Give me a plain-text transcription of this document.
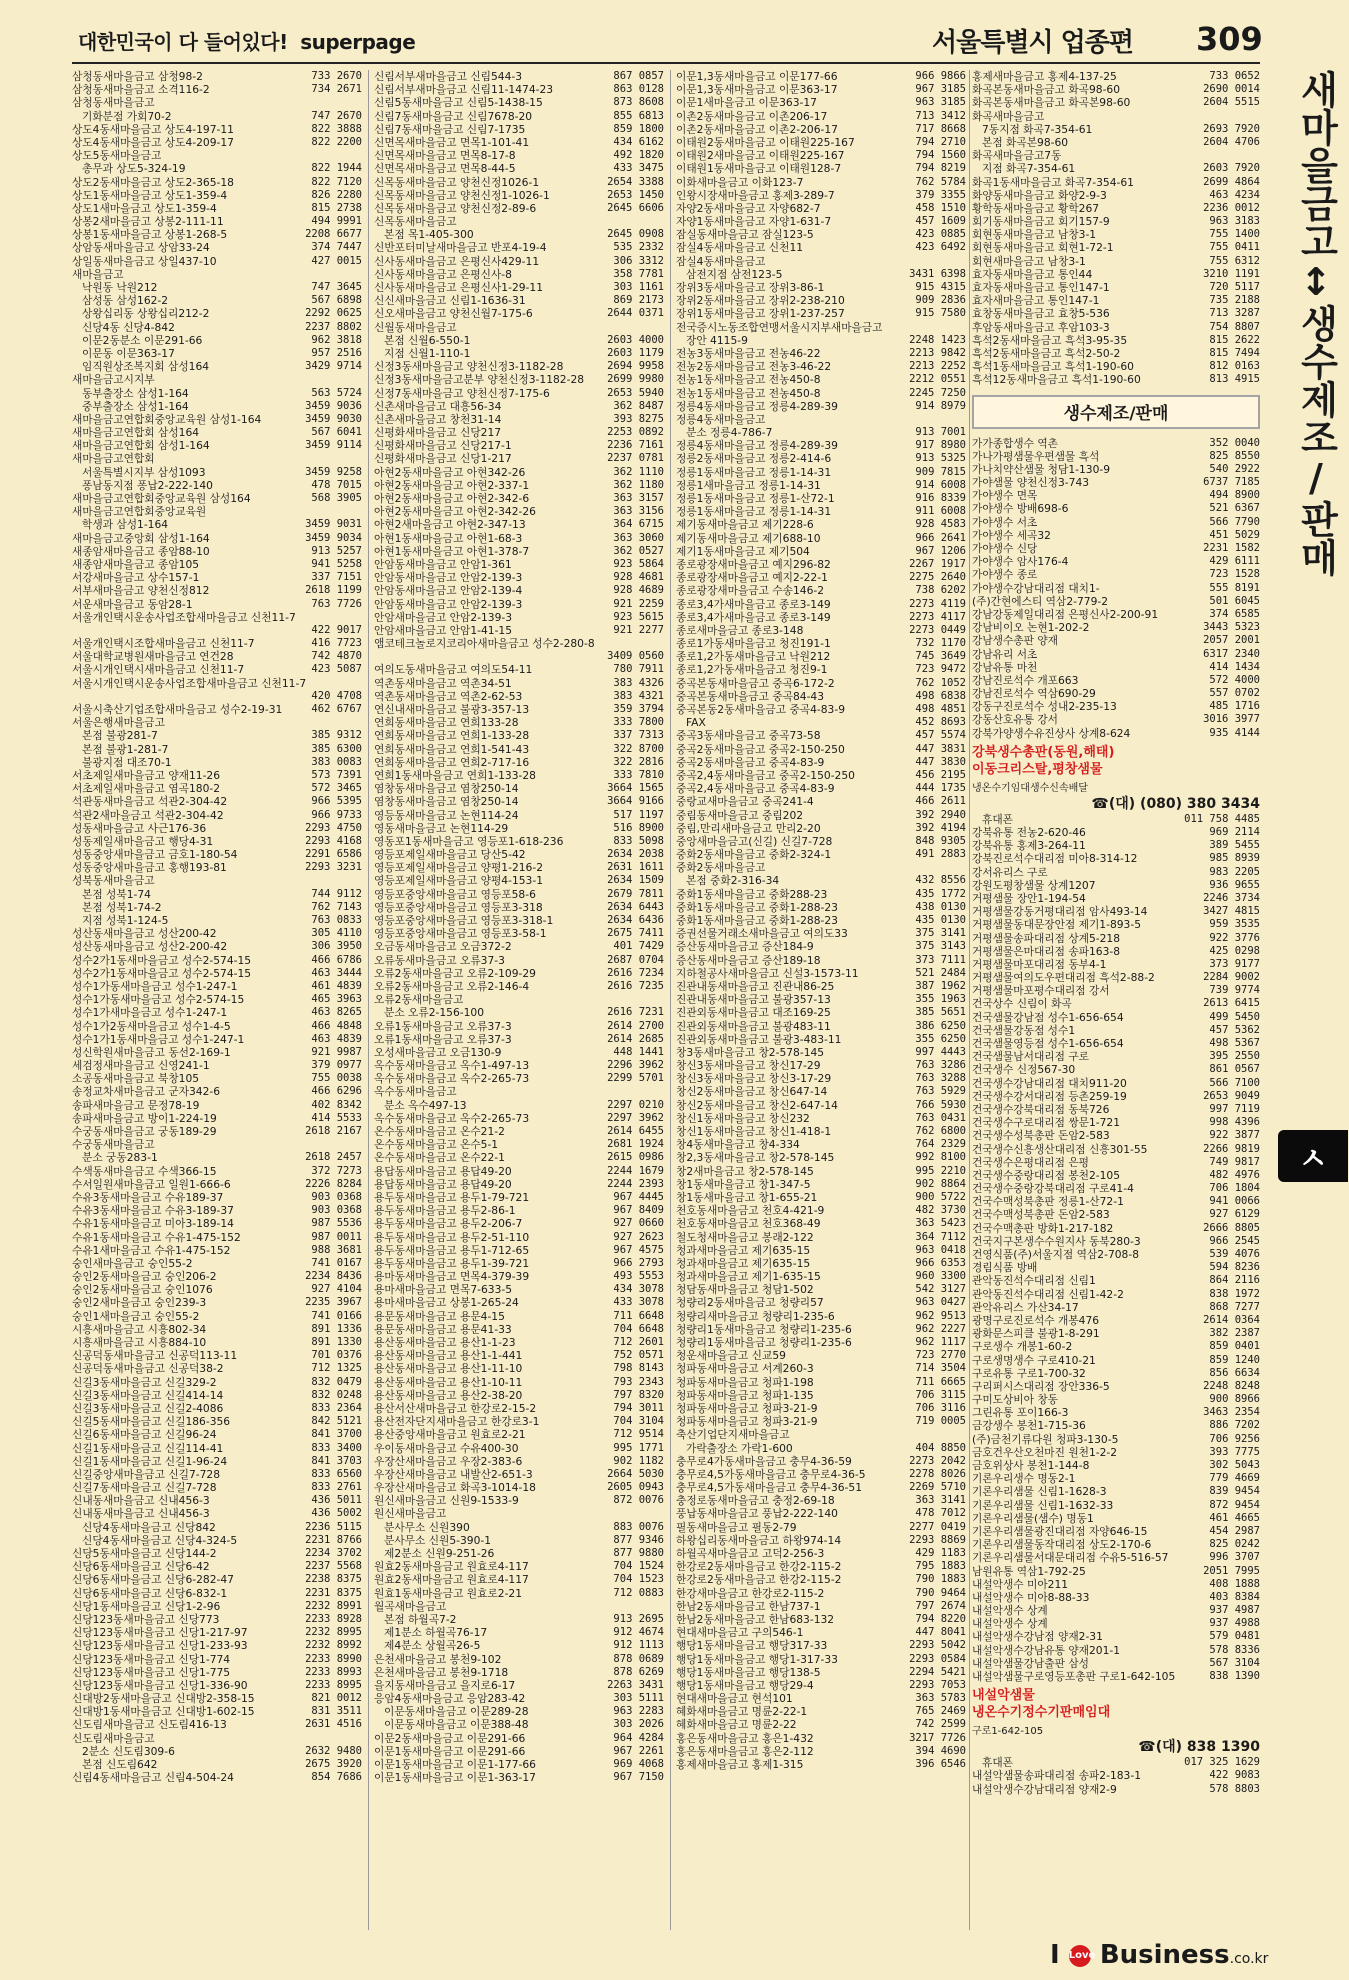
대한민국이 다 들어있다! superpage	서울특별시 업종편 309
새마을금고↕생수제조/판매
ㅅ
삼청동새마을금고 삼청98-2	733 2670
삼청동새마을금고 소격116-2	734 2671
삼청동새마을금고
기화분점 가회70-2	747 2670
상도4동새마을금고 상도4-197-11	822 3888
상도4동새마을금고 상도4-209-17	822 2200
상도5동새마을금고
총무과 상도5-324-19	822 1944
상도2동새마을금고 상도2-365-18	822 7120
상도1동새마을금고 상도1-359-4	826 2280
상도1새마을금고 상도1-359-4	815 2738
상봉2새마을금고 상봉2-111-11	494 9991
상봉1동새마을금고 상봉1-268-5	2208 6677
상암동새마을금고 상암33-24	374 7447
상일동새마을금고 상일437-10	427 0015
새마을금고
낙원동 낙원212	747 3645
삼성동 삼성162-2	567 6898
상왕십리동 상왕십리212-2	2292 0625
신당4동 신당4-842	2237 8802
이문2동분소 이문291-66	962 3818
이문동 이문363-17	957 2516
임직원상조복지회 삼성164	3429 9714
새마을금고시지부
동부출장소 삼성1-164	563 5724
중부출장소 삼성1-164	3459 9036
새마을금고연합회중앙교육원 삼성1-164	3459 9030
새마을금고연합회 삼성164	567 6041
새마을금고연합회 삼성1-164	3459 9114
새마을금고연합회
서울특별시지부 삼성1093	3459 9258
퐁남동지점 퐁납2-222-140	478 7015
새마을금고연합회중앙교육원 삼성164	568 3905
새마을금고연합회중앙교육원
학생과 삼성1-164	3459 9031
새마을금고중앙회 삼성1-164	3459 9034
새종암새마을금고 종암88-10	913 5257
새종암새마을금고 종암105	941 5258
서강새마을금고 상수157-1	337 7151
서부새마을금고 양천신정812	2618 1199
서운새마을금고 동암28-1	763 7726
서울개인택시운송사업조합새마을금고 신천11-7
422 9017
서울개인택시조합새마을금고 신천11-7	416 7723
서울대학교병원새마을금고 연건28	742 4870
서울시개인택시새마을금고 신천11-7	423 5087
서울시개인택시운송사업조합새마을금고 신천11-7
420 4708
서울시축산기업조합새마을금고 성수2-19-31	462 6767
서울은행새마을금고
본점 불광281-7	385 9312
본점 불광1-281-7	385 6300
불광지점 대조70-1	383 0083
서초제일새마을금고 양재11-26	573 7391
서초제일새마을금고 염곡180-2	572 3465
석관동새마을금고 석관2-304-42	966 5395
석관2새마을금고 석관2-304-42	966 9733
성동새마을금고 사근176-36	2293 4750
성동제일새마을금고 행당4-31	2293 4168
성동중앙새마을금고 금호1-180-54	2291 6586
성동중앙새마을금고 홍행193-81	2293 3231
성북동새마을금고
본점 성북1-74	744 9112
본점 성북1-74-2	762 7143
지점 성북1-124-5	763 0833
성산동새마을금고 성산200-42	305 4110
성산동새마을금고 성산2-200-42	306 3950
성수2가1동새마을금고 성수2-574-15	466 6786
성수2가1동새마을금고 성수2-574-15	463 3444
성수1가동새마을금고 성수1-247-1	461 4839
성수1가동새마을금고 성수2-574-15	465 3963
성수1가새마을금고 성수1-247-1	463 8265
성수1가2동새마을금고 성수1-4-5	466 4848
성수1가1동새마을금고 성수1-247-1	463 4839
성신학원새마을금고 동선2-169-1	921 9987
세검정새마을금고 신영241-1	379 0977
소공동새마을금고 북창105	755 0038
송정교차새마을금고 군자342-6	466 6296
송파새마을금고 문정78-19	402 8342
송파새마을금고 방이1-224-19	414 5533
수궁동새마을금고 궁동189-29	2618 2167
수궁동새마을금고
분소 궁동283-1	2618 2457
수색동새마을금고 수색366-15	372 7273
수서일원새마을금고 일원1-666-6	2226 8284
수유3동새마을금고 수유189-37	903 0368
수유3동새마을금고 수유3-189-37	903 0368
수유1동새마을금고 미아3-189-14	987 5536
수유1동새마을금고 수유1-475-152	987 0011
수유1새마을금고 수유1-475-152	988 3681
숭인새마을금고 숭인55-2	741 0167
숭인2동새마을금고 숭인206-2	2234 8436
숭인2동새마을금고 숭인1076	927 4104
숭인2새마을금고 숭인239-3	2235 3967
숭인1새마을금고 숭인55-2	741 0166
시흥새마을금고 시흥802-34	891 1336
시흥새마을금고 시흥884-10	891 1330
신공덕동새마을금고 신공덕113-11	701 0376
신공덕동새마을금고 신공덕38-2	712 1325
신길3동새마을금고 신길329-2	832 0479
신길3동새마을금고 신길414-14	832 0248
신길3동새마을금고 신길2-4086	833 2364
신길5동새마을금고 신길186-356	842 5121
신길6동새마을금고 신길96-24	841 3700
신길1동새마을금고 신길114-41	833 3400
신길1동새마을금고 신길1-96-24	841 3703
신길중앙새마을금고 신길7-728	833 6560
신길7동새마을금고 신길7-728	833 2761
신내동새마을금고 신내456-3	436 5011
신내동새마을금고 신내456-3	436 5002
신당4동새마을금고 신당842	2236 5115
신당4동새마을금고 신당4-324-5	2231 8766
신당5동새마을금고 신당144-2	2234 3702
신당6동새마을금고 신당6-42	2237 5568
신당6동새마을금고 신당6-282-47	2238 8375
신당6동새마을금고 신당6-832-1	2231 8375
신당1동새마을금고 신당1-2-96	2232 8991
신당123동새마을금고 신당773	2233 8928
신당123동새마을금고 신당1-217-97	2232 8995
신당123동새마을금고 신당1-233-93	2232 8992
신당123동새마을금고 신당1-774	2233 8990
신당123동새마을금고 신당1-775	2233 8993
신당123동새마을금고 신당1-336-90	2233 8995
신대방2동새마을금고 신대방2-358-15	821 0012
신대방1동새마을금고 신대방1-602-15	831 3511
신도림새마을금고 신도림416-13	2631 4516
신도림새마을금고
2분소 신도림309-6	2632 9480
본점 신도림642	2675 3920
신림4동새마을금고 신림4-504-24	854 7686
신림서부새마을금고 신림544-3	867 0857
신림서부새마을금고 신림11-1474-23	863 0128
신림5동새마을금고 신림5-1438-15	873 8608
신림7동새마을금고 신림7678-20	855 6813
신림7동새마을금고 신림7-1735	859 1800
신면목새마을금고 면목1-101-41	434 6162
신면목새마을금고 면목8-17-8	492 1820
신면목새마을금고 면목8-44-5	433 3475
신목동새마을금고 양천신정1026-1	2654 3388
신목동새마을금고 양천신정1-1026-1	2653 1450
신목동새마을금고 양천신정2-89-6	2645 6606
신목동새마을금고
본점 목1-405-300	2645 0908
신반포터미날새마을금고 반포4-19-4	535 2332
신사동새마을금고 은평신사429-11	306 3312
신사동새마을금고 은평신사-8	358 7781
신사동새마을금고 은평신사1-29-11	303 1161
신신새마을금고 신림1-1636-31	869 2173
신오새마을금고 양천신월7-175-6	2644 0371
신월동새마을금고
본점 신월6-550-1	2603 4000
지점 신월1-110-1	2603 1179
신정3동새마을금고 양천신정3-1182-28	2694 9958
신정3동새마을금고분부 양천신정3-1182-28	2699 9980
신정7동새마을금고 양천신정7-175-6	2653 5940
신촌새마을금고 대흥56-34	362 8487
신촌새마을금고 창천31-14	393 8275
신평화새마을금고 신당217	2253 0892
신평화새마을금고 신당217-1	2236 7161
신평화새마을금고 신당1-217	2237 0781
아현2동새마을금고 아현342-26	362 1110
아현2동새마을금고 아현2-337-1	362 1180
아현2동새마을금고 아현2-342-6	363 3157
아현2동새마을금고 아현2-342-26	363 3156
아현2새마을금고 아현2-347-13	364 6715
아현1동새마을금고 아현1-68-3	363 3060
아현1동새마을금고 아현1-378-7	362 0527
안암동새마을금고 안암1-361	923 5864
안암동새마을금고 안암2-139-3	928 4681
안암동새마을금고 안암2-139-4	928 4689
안암동새마을금고 안암2-139-3	921 2259
안암새마을금고 안암2-139-3	923 5615
안암새마을금고 안암1-41-15	921 2277
앰코테크놀로지코리아새마을금고 성수2-280-8
3409 0560
여의도동새마을금고 여의도54-11	780 7911
역촌동새마을금고 역촌34-51	383 4326
역촌동새마을금고 역촌2-62-53	383 4321
연신내새마을금고 불광3-357-13	359 3794
연희동새마을금고 연희133-28	333 7800
연희동새마을금고 연희1-133-28	337 7313
연희동새마을금고 연희1-541-43	322 8700
연희동새마을금고 연희2-717-16	322 2816
연희1동새마을금고 연희1-133-28	333 7810
염창동새마을금고 염창250-14	3664 1565
염창동새마을금고 염창250-14	3664 9166
영등동새마을금고 논현114-24	517 1197
영동새마을금고 논현114-29	516 8900
영동포1동새마을금고 영등포1-618-236	833 5098
영등포제일새마을금고 당산5-42	2634 2038
영등포제일새마을금고 양평1-216-2	2631 1611
영등포제일새마을금고 양평4-153-1	2634 1509
영등포중앙새마을금고 영등포58-6	2679 7811
영등포중앙새마을금고 영등포3-318	2634 6443
영등포중앙새마을금고 영등포3-318-1	2634 6436
영등포중앙새마을금고 영등포3-58-1	2675 7411
오금동새마을금고 오금372-2	401 7429
오류동새마을금고 오류37-3	2687 0704
오류2동새마을금고 오류2-109-29	2616 7234
오류2동새마을금고 오류2-146-4	2616 7235
오류2동새마을금고
분소 오류2-156-100	2616 7231
오류1동새마을금고 오류37-3	2614 2700
오류1동새마을금고 오류37-3	2614 2685
오성새마을금고 오금130-9	448 1441
옥수동새마을금고 옥수1-497-13	2296 3962
옥수동새마을금고 옥수2-265-73	2299 5701
옥수동새마을금고
분소 옥수497-13	2297 0210
옥수동새마을금고 옥수2-265-73	2297 3962
온수동새마을금고 온수21-2	2614 6455
온수동새마을금고 온수5-1	2681 1924
온수동새마을금고 온수22-1	2615 0986
용답동새마을금고 용답49-20	2244 1679
용답동새마을금고 용답49-20	2244 2393
용두동새마을금고 용두1-79-721	967 4445
용두동새마을금고 용두2-86-1	967 8409
용두동새마을금고 용두2-206-7	927 0660
용두동새마을금고 용두2-51-110	927 2623
용두동새마을금고 용두1-712-65	967 4575
용두동새마을금고 용두1-39-721	966 2793
용마동새마을금고 면목4-379-39	493 5553
용마새마을금고 면목7-633-5	434 3078
용마새마을금고 상봉1-265-24	433 3078
용문동새마을금고 용문4-15	711 6648
용문동새마을금고 용문41-33	704 6648
용산동새마을금고 용산1-1-23	712 2601
용산동새마을금고 용산1-1-441	752 0571
용산동새마을금고 용산1-11-10	798 8143
용산동새마을금고 용산1-10-11	793 2343
용산동새마을금고 용산2-38-20	797 8320
용산서산새마을금고 한강로2-15-2	794 3011
용산전자단지새마을금고 한강로3-1	704 3104
용산중앙새마을금고 원효로2-21	712 9514
우이동새마을금고 수유400-30	995 1771
우장산새마을금고 우장2-383-6	902 1182
우장산새마을금고 내발산2-651-3	2664 5030
우장산새마을금고 화곡3-1014-18	2605 0943
원신새마을금고 신원9-1533-9	872 0076
원신새마을금고
분사무소 신원390	883 0076
분사무소 신원5-390-1	877 9346
제2분소 신원9-251-26	877 9880
원효2동새마을금고 원효로4-117	704 1524
원효2동새마을금고 원효로4-117	704 1523
원효1동새마을금고 원효로2-21	712 0883
월곡새마을금고
본점 하월곡7-2	913 2695
제1분소 하월곡76-17	912 4674
제4분소 상월곡26-5	912 1113
은천새마을금고 봉천9-102	878 0689
은천새마을금고 봉천9-1718	878 6269
을지동새마을금고 을지로6-17	2263 3431
응암4동새마을금고 응암283-42	303 5111
이문동새마을금고 이문289-28	963 2283
이문동새마을금고 이문388-48	303 2026
이문2동새마을금고 이문291-66	964 4284
이문1동새마을금고 이문291-66	967 2261
이문1동새마을금고 이문1-177-66	969 4068
이문1동새마을금고 이문1-363-17	967 7150
이문1,3동새마을금고 이문177-66	966 9866
이문1,3동새마을금고 이문363-17	967 3185
이문1새마을금고 이문363-17	963 3185
이촌2동새마을금고 이촌206-17	713 3412
이촌2동새마을금고 이촌2-206-17	717 8668
이태원2동새마을금고 이태원225-167	794 2710
이태원2새마을금고 이태원225-167	794 1560
이태원1동새마을금고 이태원128-7	794 8219
이화새마을금고 이화123-7	762 5784
인왕시장새마을금고 홍제3-289-7	379 3355
자양2동새마을금고 자양682-7	458 1510
자양1동새마을금고 자양1-631-7	457 1609
잠실동새마을금고 잠실123-5	423 0885
잠실4동새마을금고 신천11	423 6492
잠실4동새마을금고
삼전지점 삼전123-5	3431 6398
장위3동새마을금고 장위3-86-1	915 4315
장위2동새마을금고 장위2-238-210	909 2836
장위1동새마을금고 장위1-237-257	915 7580
전국증시노동조합연맹서울시지부새마을금고
장안 4115-9	2248 1423
전농3동새마을금고 전농46-22	2213 9842
전농2동새마을금고 전농3-46-22	2213 2252
전농1동새마을금고 전농450-8	2212 0551
전농1동새마을금고 전농450-8	2245 7250
정릉4동새마을금고 정릉4-289-39	914 8979
정릉4동새마을금고
분소 정릉4-786-7	913 7001
정릉4동새마을금고 정릉4-289-39	917 8980
정릉2동새마을금고 정릉2-414-6	913 5325
정릉1동새마을금고 정릉1-14-31	909 7815
정릉1새마을금고 정릉1-14-31	914 6008
정릉1동새마을금고 정릉1-산72-1	916 8339
정릉1동새마을금고 정릉1-14-31	911 6008
제기동새마을금고 제기228-6	928 4583
제기동새마을금고 제기688-10	966 2641
제기1동새마을금고 제기504	967 1206
종로광장새마을금고 예지296-82	2267 1917
종로광장새마을금고 예지2-22-1	2275 2640
종로광장새마을금고 수송146-2	738 6202
종로3,4가새마을금고 종로3-149	2273 4119
종로3,4가새마을금고 종로3-149	2273 4117
종로새마을금고 종로3-148	2273 0449
종로1가동새마을금고 청진191-1	732 1170
종로1,2가동새마을금고 낙원212	745 3649
종로1,2가동새마을금고 청진9-1	723 9472
중곡본동새마을금고 중곡6-172-2	762 1052
중곡본동새마을금고 중곡84-43	498 6838
중곡본동2동새마을금고 중곡4-83-9	498 4851
FAX	452 8693
중곡3동새마을금고 중곡73-58	457 5574
중곡2동새마을금고 중곡2-150-250	447 3831
중곡2동새마을금고 중곡4-83-9	447 3830
중곡2,4동새마을금고 중곡2-150-250	456 2195
중곡2,4동새마을금고 중곡4-83-9	444 1735
중랑교새마을금고 중곡241-4	466 2611
중림동새마을금고 중림202	392 2940
중림,만리새마을금고 만리2-20	392 4194
중앙새마을금고(신길) 신길7-728	848 9305
중화2동새마을금고 중화2-324-1	491 2883
중화2동새마을금고
본점 중화2-316-34	432 8556
중화1동새마을금고 중화288-23	435 1772
중화1동새마을금고 중화1-288-23	438 0130
중화1동새마을금고 중화1-288-23	435 0130
증권선물거래소새마을금고 여의도33	375 3141
증산동새마을금고 증산184-9	375 3143
증산동새마을금고 증산189-18	373 7111
지하철공사새마을금고 신설3-1573-11	521 2484
진관내동새마을금고 진관내86-25	387 1962
진관내동새마을금고 불광357-13	355 1963
진관외동새마을금고 대조169-25	385 5651
진관외동새마을금고 불광483-11	386 6250
진관외동새마을금고 불광3-483-11	355 6250
창3동새마을금고 창2-578-145	997 4443
창신3동새마을금고 창신17-29	763 3286
창신3동새마을금고 창신3-17-29	763 3288
창신2동새마을금고 창신647-14	763 5929
창신2동새마을금고 창신2-647-14	766 5930
창신1동새마을금고 창신232	763 0431
창신1동새마을금고 창신1-418-1	762 6800
창4동새마을금고 창4-334	764 2329
창2,3동새마을금고 창2-578-145	992 8100
창2새마을금고 창2-578-145	995 2210
창1동새마을금고 창1-347-5	902 8864
창1동새마을금고 창1-655-21	900 5722
천호동새마을금고 천호4-421-9	482 3730
천호동새마을금고 천호368-49	363 5423
철도청새마을금고 봉래2-122	364 7112
청과새마을금고 제기635-15	963 0418
청과새마을금고 제기635-15	966 6353
청과새마을금고 제기1-635-15	960 3300
청담동새마을금고 청담1-502	542 3127
청량리2동새마을금고 청량리57	963 0427
청량리새마을금고 청량리1-235-6	962 9513
청량리1동새마을금고 청량리1-235-6	962 2227
청량리1동새마을금고 청량리1-235-6	962 1117
청운새마을금고 신교59	723 2770
청파동새마을금고 서계260-3	714 3504
청파동새마을금고 청파1-198	711 6665
청파동새마을금고 청파1-135	706 3115
청파동새마을금고 청파3-21-9	706 3116
청파동새마을금고 청파3-21-9	719 0005
축산기업단지새마을금고
가락출장소 가락1-600	404 8850
충무로4가동새마을금고 충무4-36-59	2273 2042
충무로4,5가동새마을금고 충무로4-36-5	2278 8026
충무로4,5가동새마을금고 충무4-36-51	2269 5710
충정로동새마을금고 충정2-69-18	363 3141
풍납동새마을금고 풍납2-222-140	478 7012
필동새마을금고 필동2-79	2277 0419
하왕십리동새마을금고 하왕974-14	2293 8869
하월곡새마을금고 고덕2-256-3	429 1183
한강로2동새마을금고 한강2-115-2	795 1883
한강로2동새마을금고 한강2-115-2	790 1883
한강새마을금고 한강로2-115-2	790 9464
한남2동새마을금고 한남737-1	797 2674
한남2동새마을금고 한남683-132	794 8220
현대새마을금고 구의546-1	447 8041
행당1동새마을금고 행당317-33	2293 5042
행당1동새마을금고 행당1-317-33	2293 0584
행당1동새마을금고 행당138-5	2294 5421
행당1동새마을금고 행당29-4	2293 7053
현대새마을금고 현석101	363 5783
혜화새마을금고 명륜2-22-1	765 2469
혜화새마을금고 명륜2-22	742 2599
홍은동새마을금고 홍은1-432	3217 7726
홍은동새마을금고 홍은2-112	394 4690
홍제새마을금고 홍제1-315	396 6546
홍제새마을금고 홍제4-137-25	733 0652
화곡본동새마을금고 화곡98-60	2690 0014
화곡본동새마을금고 화곡본98-60	2604 5515
화곡새마을금고
7동지점 화곡7-354-61	2693 7920
본점 화곡본98-60	2604 4706
화곡새마을금고7동
지점 화곡7-354-61	2603 7920
화곡1동새마을금고 화곡7-354-61	2699 4864
화양동새마을금고 화양2-9-3	463 4234
황학동새마을금고 황학267	2236 0012
회기동새마을금고 회기157-9	963 3183
회현동새마을금고 남창3-1	755 1400
회현동새마을금고 회현1-72-1	755 0411
회현새마을금고 남창3-1	755 6312
효자동새마을금고 통인44	3210 1191
효자동새마을금고 통인147-1	720 5117
효자새마을금고 통인147-1	735 2188
효창동새마을금고 효창5-536	713 3287
후암동새마을금고 후암103-3	754 8807
흑석2동새마을금고 흑석3-95-35	815 2622
흑석2동새마을금고 흑석2-50-2	815 7494
흑석1동새마을금고 흑석1-190-60	812 0163
흑석12동새마을금고 흑석1-190-60	813 4915
생수제조/판매
가가종합생수 역촌	352 0040
가나가평샘물우편샘물 흑석	825 8550
가나치약산샘물 청담1-130-9	540 2922
가야샘물 양천신정3-743	6737 7185
가야생수 면목	494 8900
가야생수 방배698-6	521 6367
가야생수 서초	566 7790
가야생수 세곡32	451 5029
가야생수 신당	2231 1582
가야생수 암사176-4	429 6111
가야생수 종로	723 1528
가야생수강남대리점 대치1-	555 8191
(주)간현에스티 역삼2-779-2	501 6045
강남강동제일대리점 은평신사2-200-91	374 6585
강남비이오 논현1-202-2	3443 5323
강남생수총판 양재	2057 2001
강남유리 서초	6317 2340
강남유통 마천	414 1434
강남진로석수 개포663	572 4000
강남진로석수 역삼690-29	557 0702
강동구진로석수 성내2-235-13	485 1716
강동산호유통 강서	3016 3977
강북가양생수유진상사 상계8-624	935 4144
강북생수총판(동원,해태)
이동크리스탈,평창샘물
냉온수기임대생수신속배달
☎(대) (080) 380 3434
휴대폰	011 758 4485
강북유통 전농2-620-46	969 2114
강북유통 홍제3-264-11	389 5455
강북진로석수대리점 미아8-314-12	985 8939
강서유리스 구로	983 2205
강원도평창샘물 상계1207	936 9655
거평샘물 장안1-194-54	2246 3734
거평샘물강동거평대리점 암사493-14	3427 4815
거평샘물동대문장안점 제기1-893-5	959 3535
거평샘물송파대리점 상계5-218	922 3776
거평샘물은마대리점 송파163-8	425 0298
거평샘물마포대리점 동부4-1	373 9177
거평샘물여의도우편대리점 흑석2-88-2	2284 9002
거평샘물마포평수대리점 강서	739 9774
건국상수 신림이 화곡	2613 6415
건국샘물강남점 성수1-656-654	499 5450
건국샘물강동점 성수1	457 5362
건국샘물영등점 성수1-656-654	498 5367
건국샘물남서대리점 구로	395 2550
건국생수 신정567-30	861 0567
건국생수강남대리점 대치911-20	566 7100
건국생수강서대리점 등촌259-19	2653 9049
건국생수강북대리점 동북726	997 7119
건국생수구로대리점 쌍문1-721	998 4396
건국생수성북총판 돈암2-583	922 3877
건국생수신흥생산대리점 신흥301-55	2266 9819
건국생수은평대리점 은평	749 9817
건국생수중랑대리점 봉천2-105	482 4976
건국생수중랑강북대리점 구로41-4	706 1804
건국수맥성북총판 정릉1-산72-1	941 0066
건국수맥성북총판 돈암2-583	927 6129
건국수맥총판 방화1-217-182	2666 8805
건국지구본생수수원지사 동북280-3	966 2545
건영식품(주)서울지점 역삼2-708-8	539 4076
경림식품 방배	594 8236
관악동진석수대리점 신림1	864 2116
관악동진석수대리점 신림1-42-2	838 1972
관악유리스 가산34-17	868 7277
광명구로진로석수 개봉476	2614 0364
광화문스피클 불광1-8-291	382 2387
구로생수 개봉1-60-2	859 0401
구로생명생수 구로410-21	859 1240
구로유통 구로1-700-32	856 6634
구리퍼시스대리점 장안336-5	2248 8248
구미도상비아 창동	900 8966
그린유통 포이166-3	3463 2354
금강생수 봉천1-715-36	886 7202
(주)금천기류다원 청파3-130-5	706 9256
금호건우산오천마진 원천1-2-2	393 7775
금호위상사 봉천1-144-8	302 5043
기론우리생수 명동2-1	779 4669
기론우리샘물 신림1-1628-3	839 9454
기론우리샘물 신림1-1632-33	872 9454
기론우리샘물(샘수) 명동1	461 4665
기론우리샘물광진대리점 자양646-15	454 2987
기론우리샘물동작대리점 상도2-170-6	825 0242
기론우리샘물서대문대리점 수유5-516-57	996 3707
남원유통 역삼1-792-25	2051 7995
내설악생수 미아211	408 1888
내설악생수 미아8-88-33	403 8384
내설악생수 상계	937 4987
내설악생수 상계	937 4988
내설악생수강남점 양재2-31	579 0481
내설악생수강남유통 양재201-1	578 8336
내설악샘물강남출판 삼성	567 3104
내설악샘물구로영등포총판 구로1-642-105	838 1390
내설악샘물
냉온수기정수기판매임대
구로1-642-105
☎(대) 838 1390
휴대폰	017 325 1629
내설악샘물송파대리점 송파2-183-1	422 9083
내설악생수강남대리점 양재2-9	578 8803
I Love Business.co.kr
